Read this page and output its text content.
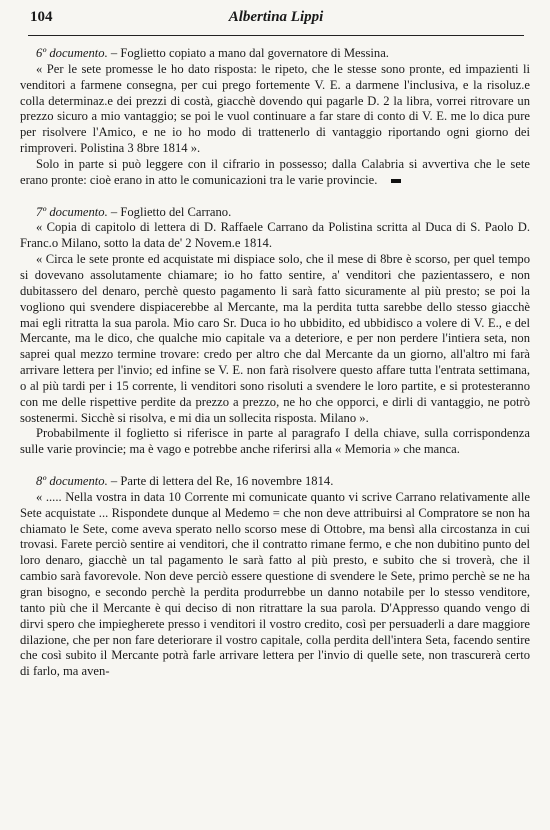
104	Albertina Lippi

6º documento. – Foglietto copiato a mano dal governatore di Messina.

« Per le sete promesse le ho dato risposta: le ripeto, che le stesse sono pronte, ed impazienti li venditori a farmene consegna, per cui prego fortemente V. E. a darmene l'inclusiva, e la risoluz.e colla determinaz.e dei prezzi di costà, giacchè dovendo qui pagarle D. 2 la libra, vorrei ritrovare un prezzo sicuro a mio vantaggio; se poi le vuol continuare a far stare di conto di V. E. me lo dica pure per risolvere l'Amico, e ne io ho modo di trattenerlo di vantaggio riportando ogni giorno dei rimproveri. Polistina 3 8bre 1814 ».

Solo in parte si può leggere con il cifrario in possesso; dalla Calabria si avvertiva che le sete erano pronte: cioè erano in atto le comunicazioni tra le varie provincie.

7º documento. – Foglietto del Carrano.

« Copia di capitolo di lettera di D. Raffaele Carrano da Polistina scritta al Duca di S. Paolo D. Franc.o Milano, sotto la data de' 2 Novem.e 1814.

« Circa le sete pronte ed acquistate mi dispiace solo, che il mese di 8bre è scorso, per quel tempo si dovevano assolutamente chiamare; io ho fatto sentire, a' venditori che pazientassero, e non dubitassero del denaro, perchè questo pagamento li sarà fatto sicuramente al più presto; se poi la vogliono qui svendere dispiacerebbe al Mercante, ma la perdita tutta sarebbe dello stesso giacchè mai egli ritratta la sua parola. Mio caro Sr. Duca io ho ubbidito, ed ubbidisco a volere di V. E., e del Mercante, ma le dico, che qualche mio capitale va a deteriore, e per non perdere l'intiera seta, non saprei qual mezzo termine trovare: credo per altro che dal Mercante da un giorno, all'altro mi farà arrivare lettera per l'invio; ed infine se V. E. non farà risolvere questo affare tutta l'entrata settimana, o al più tardi per i 15 corrente, li venditori sono risoluti a svendere le loro partite, e si protesteranno con me delle rispettive perdite da prezzo a prezzo, ne ho che opporci, e dirli di vantaggio, ne potrò sostenermi. Sicchè si risolva, e mi dia un sollecita risposta. Milano ».

Probabilmente il foglietto si riferisce in parte al paragrafo I della chiave, sulla corrispondenza sulle varie provincie; ma è vago e potrebbe anche riferirsi alla « Memoria » che manca.

8º documento. – Parte di lettera del Re, 16 novembre 1814.

« ..... Nella vostra in data 10 Corrente mi comunicate quanto vi scrive Carrano relativamente alle Sete acquistate ... Rispondete dunque al Medemo = che non deve attribuirsi al Compratore se non ha chiamato le Sete, come aveva sperato nello scorso mese di Ottobre, ma bensì alla circostanza in cui trovasi. Farete perciò sentire ai venditori, che il contratto rimane fermo, e che non dubitino punto del loro denaro, giacchè un tal pagamento le sarà fatto al più presto, e subito che si troverà, che il cambio sarà favorevole. Non deve perciò essere questione di svendere le Sete, primo perchè se ne ha gran bisogno, e secondo perchè la perdita produrrebbe un danno notabile per lo stesso venditore, tanto più che il Mercante è qui deciso di non ritrattare la sua parola. D'Appresso quando vengo di dirvi spero che impiegherete presso i venditori il vostro credito, così per persuaderli a dare maggiore dilazione, che per non fare deteriorare il vostro capitale, colla perdita dell'intera Seta, facendo sentire che così subito il Mercante potrà farle arrivare lettera per l'invio di quelle sete, non trascurerà certo di farlo, ma aven-
